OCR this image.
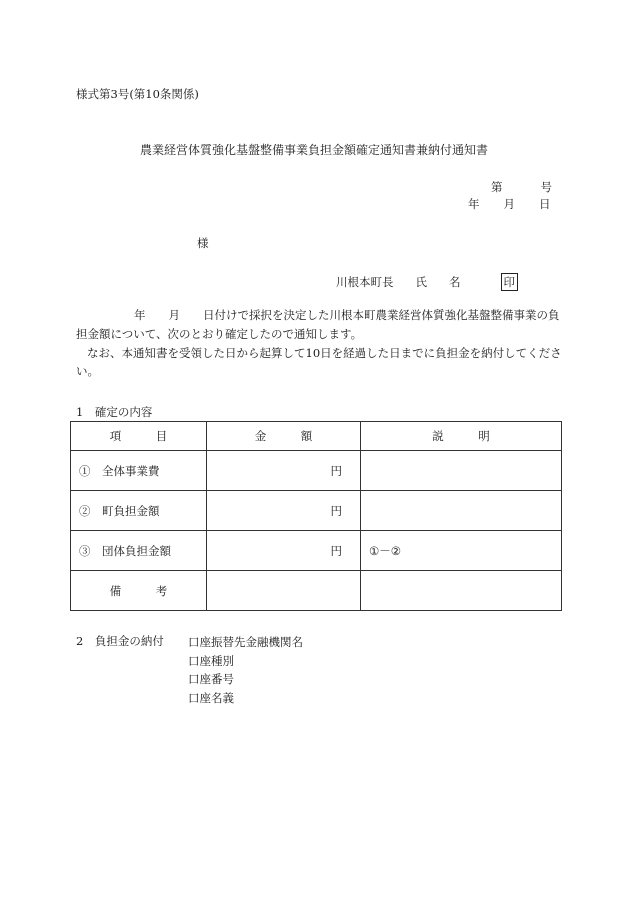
様式第3号(第10条関係)
農業経営体質強化基盤整備事業負担金額確定通知書兼納付通知書
第	号
年 月 日
様
川根本町長 氏 名	印
年　　月　　日付けで採択を決定した川根本町農業経営体質強化基盤整備事業の負担金額について、次のとおり確定したので通知します。
なお、本通知書を受領した日から起算して10日を経過した日までに負担金を納付してください。
1　確定の内容
項　　　目	金　　　額	説　　　明
①　全体事業費	円	
②　町負担金額	円	
③　団体負担金額	円	①－②
備　　　考		
2　負担金の納付 口座振替先金融機関名
口座種別
口座番号
口座名義
